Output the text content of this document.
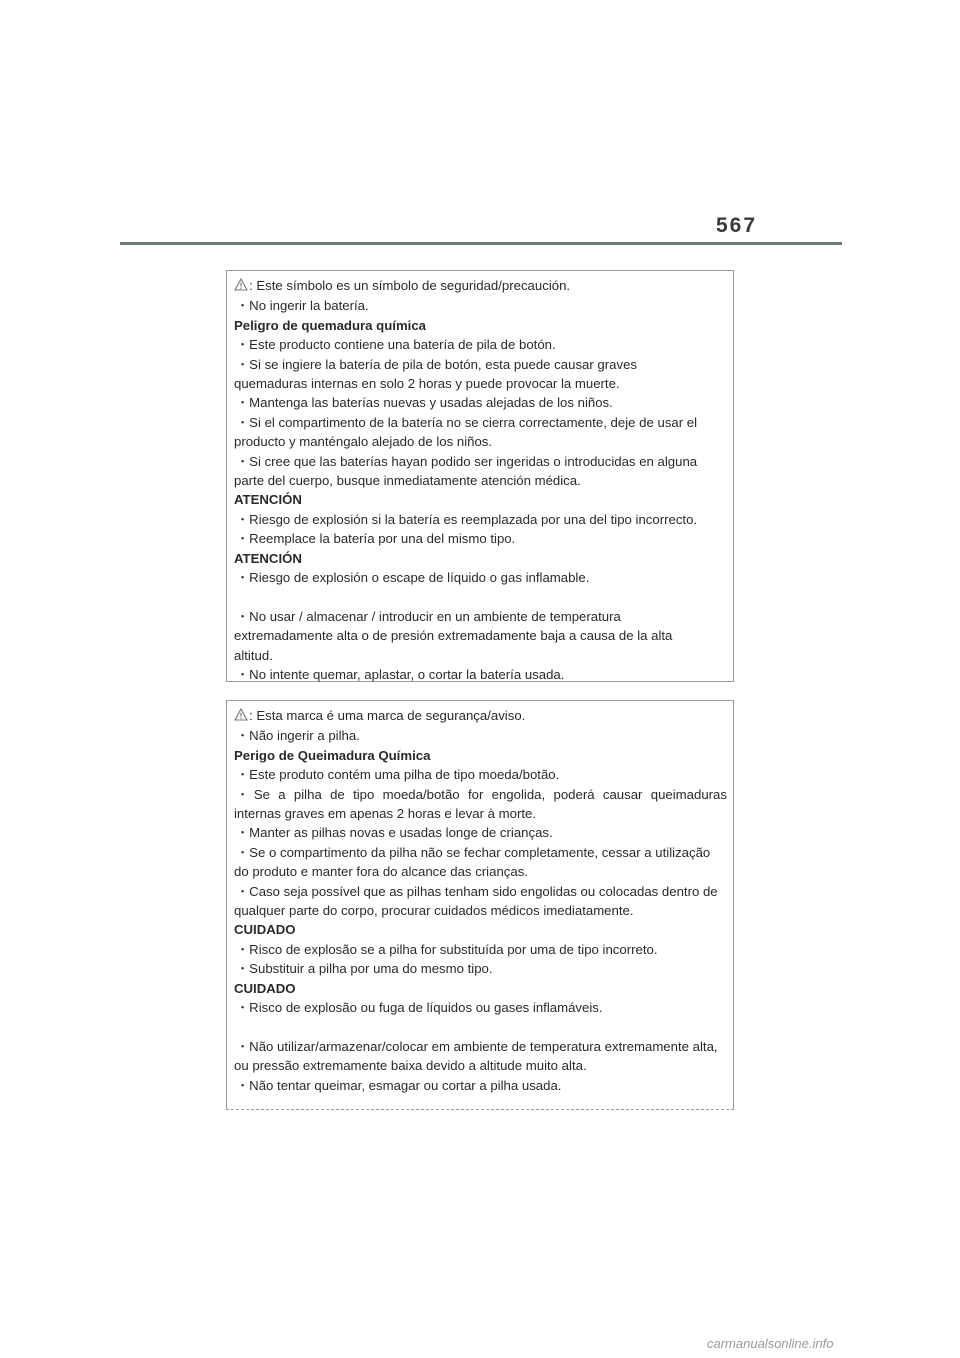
567
: Este símbolo es un símbolo de seguridad/precaución.
・No ingerir la batería.
Peligro de quemadura química
・Este producto contiene una batería de pila de botón.
・Si se ingiere la batería de pila de botón, esta puede causar graves
quemaduras internas en solo 2 horas y puede provocar la muerte.
・Mantenga las baterías nuevas y usadas alejadas de los niños.
・Si el compartimento de la batería no se cierra correctamente, deje de usar el
producto y manténgalo alejado de los niños.
・Si cree que las baterías hayan podido ser ingeridas o introducidas en alguna
parte del cuerpo, busque inmediatamente atención médica.
ATENCIÓN
・Riesgo de explosión si la batería es reemplazada por una del tipo incorrecto.
・Reemplace la batería por una del mismo tipo.
ATENCIÓN
・Riesgo de explosión o escape de líquido o gas inflamable.
・No usar / almacenar / introducir en un ambiente de temperatura
extremadamente alta o de presión extremadamente baja a causa de la alta
altitud.
・No intente quemar, aplastar, o cortar la batería usada.
: Esta marca é uma marca de segurança/aviso.
・Não ingerir a pilha.
Perigo de Queimadura Química
・Este produto contém uma pilha de tipo moeda/botão.
・Se a pilha de tipo moeda/botão for engolida, poderá causar queimaduras
internas graves em apenas 2 horas e levar à morte.
・Manter as pilhas novas e usadas longe de crianças.
・Se o compartimento da pilha não se fechar completamente, cessar a utilização
do produto e manter fora do alcance das crianças.
・Caso seja possível que as pilhas tenham sido engolidas ou colocadas dentro de
qualquer parte do corpo, procurar cuidados médicos imediatamente.
CUIDADO
・Risco de explosão se a pilha for substituída por uma de tipo incorreto.
・Substituir a pilha por uma do mesmo tipo.
CUIDADO
・Risco de explosão ou fuga de líquidos ou gases inflamáveis.
・Não utilizar/armazenar/colocar em ambiente de temperatura extremamente alta,
ou pressão extremamente baixa devido a altitude muito alta.
・Não tentar queimar, esmagar ou cortar a pilha usada.
carmanualsonline.info
